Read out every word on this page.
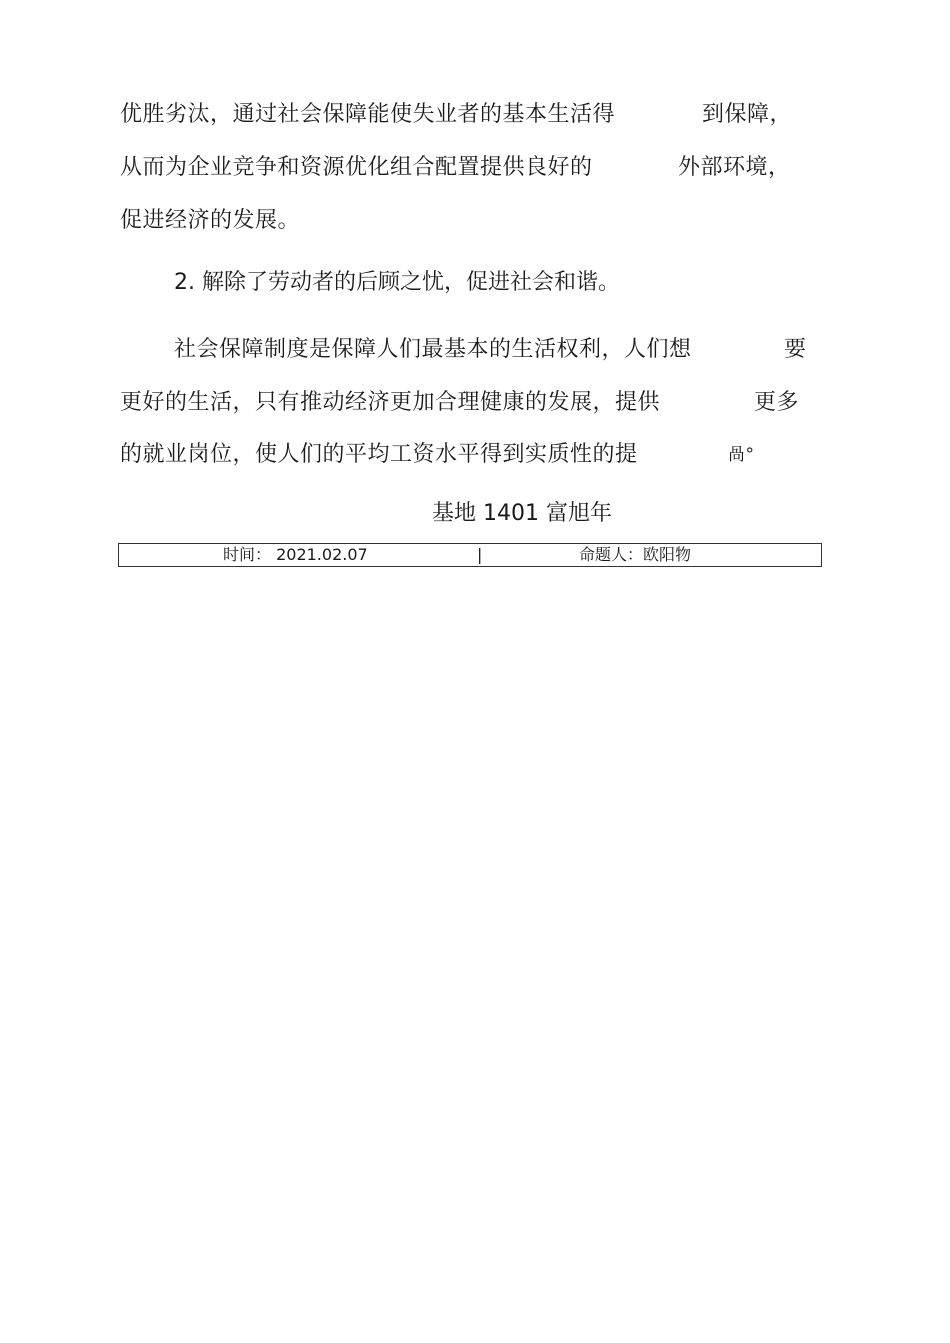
优胜劣汰，通过社会保障能使失业者的基本生活得	到保障，
从而为企业竞争和资源优化组合配置提供良好的	外部环境，
促进经济的发展。
2. 解除了劳动者的后顾之忧，促进社会和谐。
社会保障制度是保障人们最基本的生活权利，人们想	要
更好的生活，只有推动经济更加合理健康的发展，提供	更多
的就业岗位，使人们的平均工资水平得到实质性的提	咼°
基地 1401 富旭年
时间： 2021.02.07	|	命题人：欧阳物
